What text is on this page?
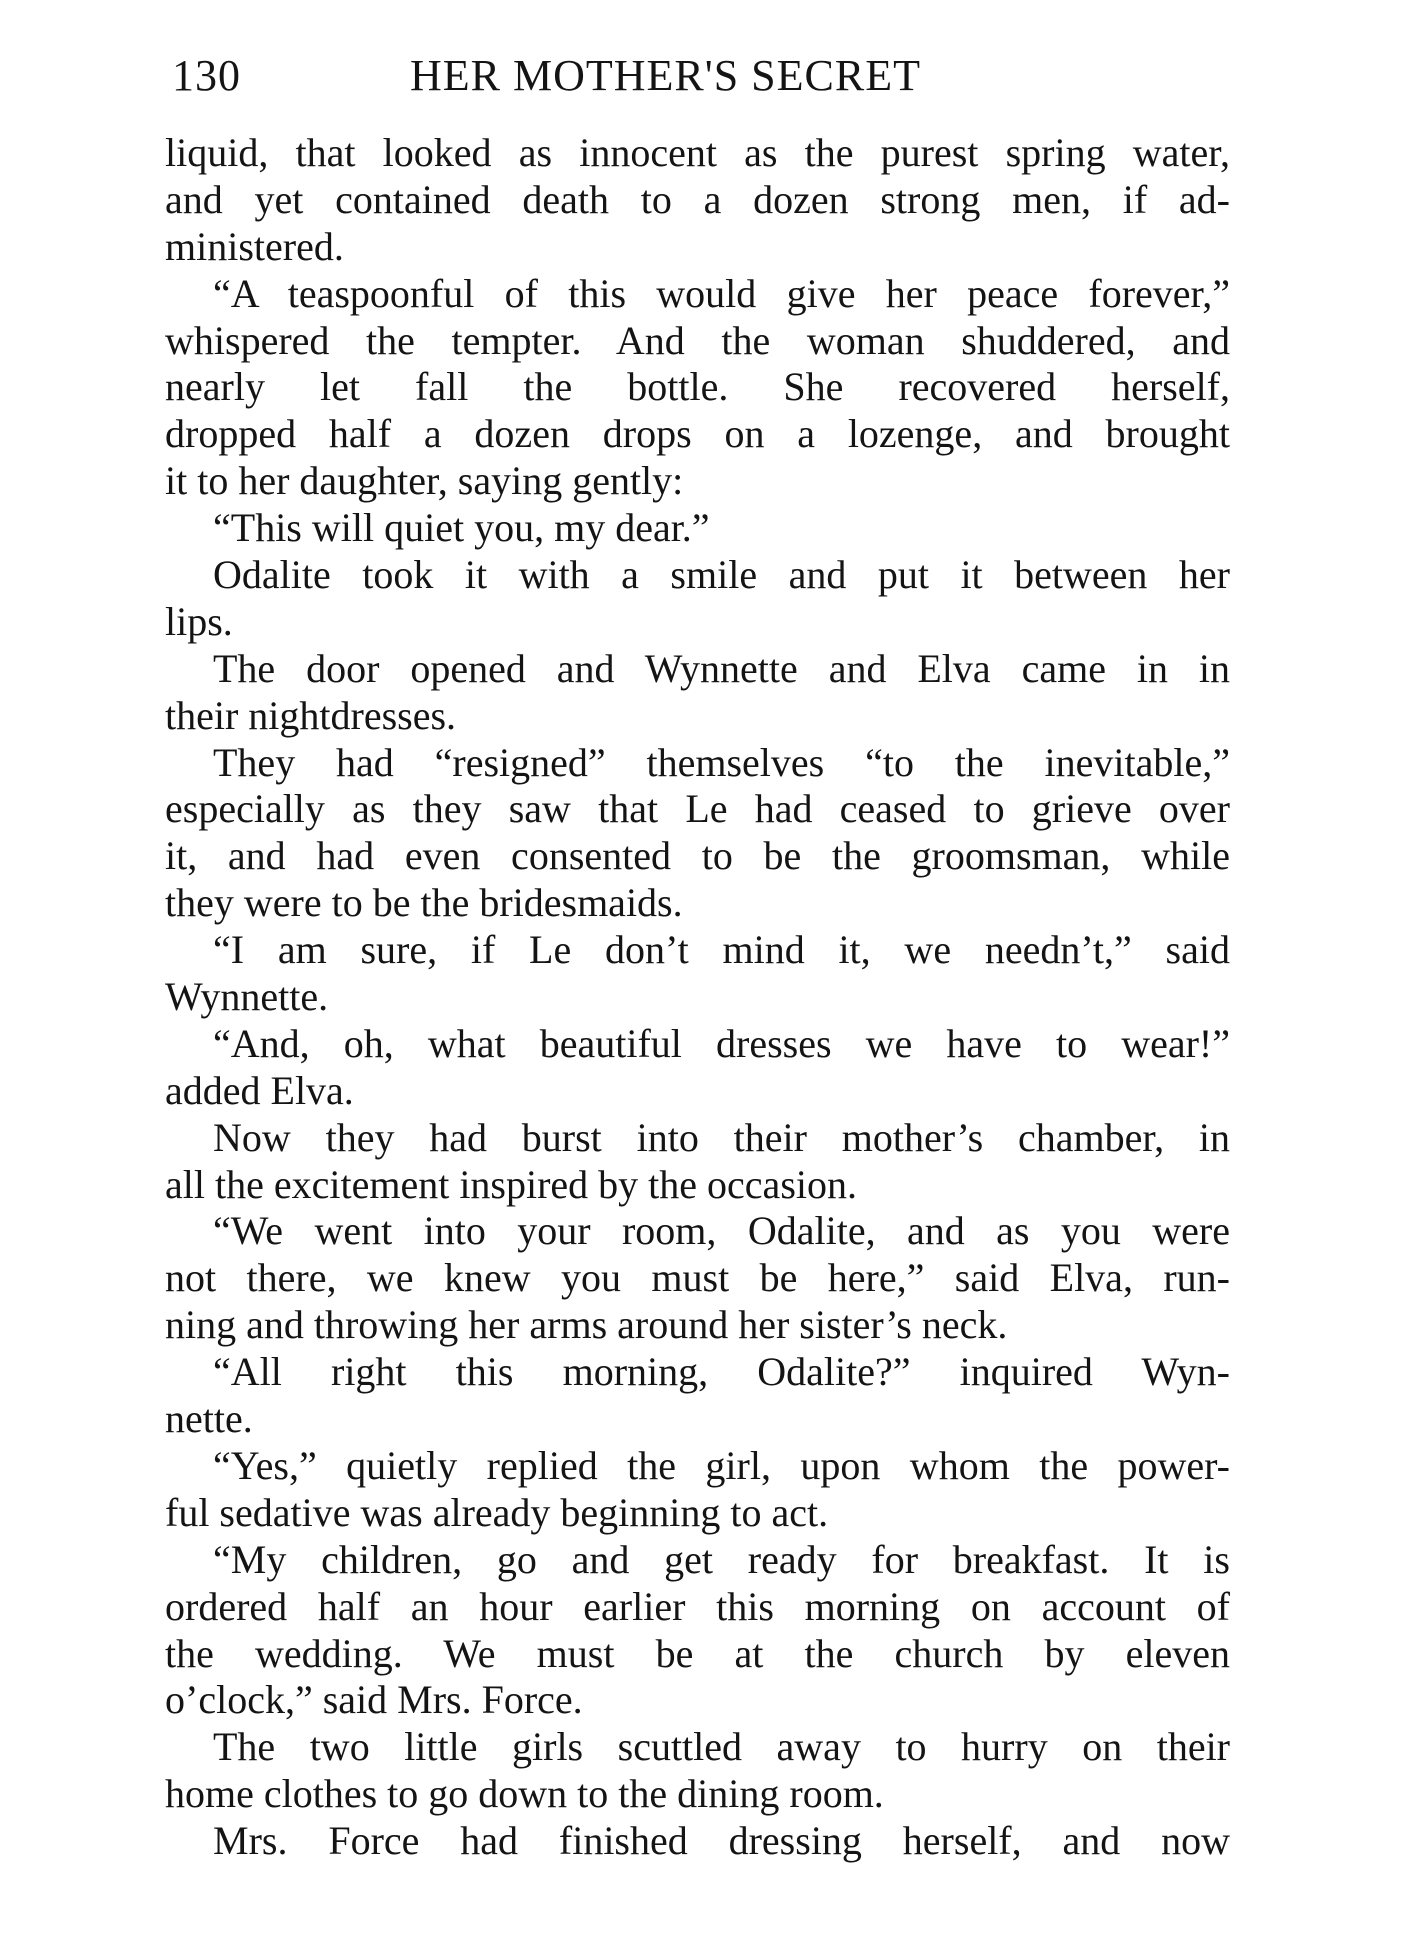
130	HER MOTHER'S SECRET
liquid, that looked as innocent as the purest spring water,
and yet contained death to a dozen strong men, if ad-
ministered.
“A teaspoonful of this would give her peace forever,”
whispered the tempter. And the woman shuddered, and
nearly let fall the bottle. She recovered herself,
dropped half a dozen drops on a lozenge, and brought
it to her daughter, saying gently:
“This will quiet you, my dear.”
Odalite took it with a smile and put it between her
lips.
The door opened and Wynnette and Elva came in in
their nightdresses.
They had “resigned” themselves “to the inevitable,”
especially as they saw that Le had ceased to grieve over
it, and had even consented to be the groomsman, while
they were to be the bridesmaids.
“I am sure, if Le don’t mind it, we needn’t,” said
Wynnette.
“And, oh, what beautiful dresses we have to wear!”
added Elva.
Now they had burst into their mother’s chamber, in
all the excitement inspired by the occasion.
“We went into your room, Odalite, and as you were
not there, we knew you must be here,” said Elva, run-
ning and throwing her arms around her sister’s neck.
“All right this morning, Odalite?” inquired Wyn-
nette.
“Yes,” quietly replied the girl, upon whom the power-
ful sedative was already beginning to act.
“My children, go and get ready for breakfast. It is
ordered half an hour earlier this morning on account of
the wedding. We must be at the church by eleven
o’clock,” said Mrs. Force.
The two little girls scuttled away to hurry on their
home clothes to go down to the dining room.
Mrs. Force had finished dressing herself, and now
